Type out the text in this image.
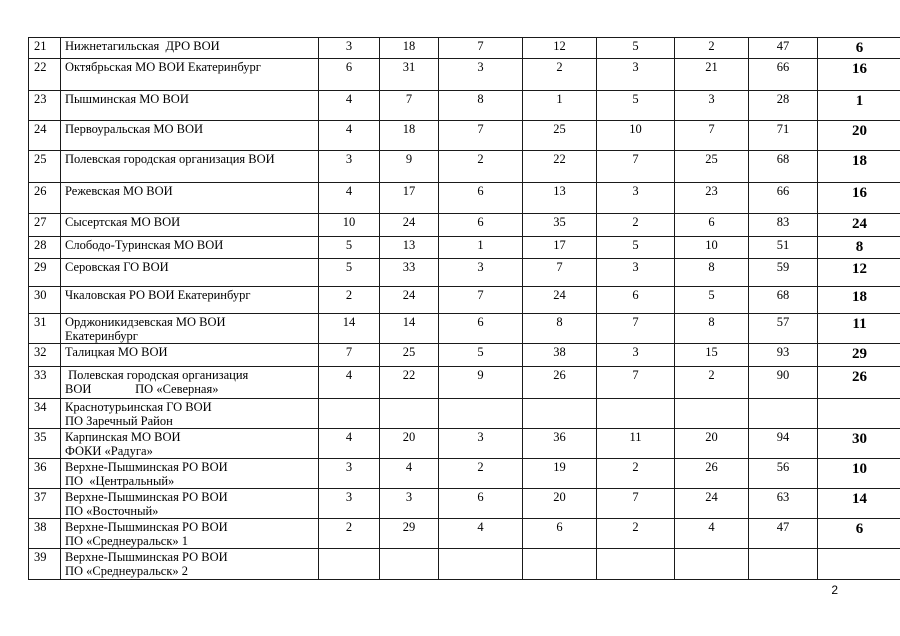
21	Нижнетагильская  ДРО ВОИ	3	18	7	12	5	2	47	6
22	Октябрьская МО ВОИ Екатеринбург	6	31	3	2	3	21	66	16
23	Пышминская МО ВОИ	4	7	8	1	5	3	28	1
24	Первоуральская МО ВОИ	4	18	7	25	10	7	71	20
25	Полевская городская организация ВОИ	3	9	2	22	7	25	68	18
26	Режевская МО ВОИ	4	17	6	13	3	23	66	16
27	Сысертская МО ВОИ	10	24	6	35	2	6	83	24
28	Слободо-Туринская МО ВОИ	5	13	1	17	5	10	51	8
29	Серовская ГО ВОИ	5	33	3	7	3	8	59	12
30	Чкаловская РО ВОИ Екатеринбург	2	24	7	24	6	5	68	18
31	Орджоникидзевская МО ВОИ
Екатеринбург	14	14	6	8	7	8	57	11
32	Талицкая МО ВОИ	7	25	5	38	3	15	93	29
33	Полевская городская организация
ВОИ              ПО «Северная»	4	22	9	26	7	2	90	26
34	Краснотурьинская ГО ВОИ
ПО Заречный Район								
35	Карпинская МО ВОИ
ФОКИ «Радуга»	4	20	3	36	11	20	94	30
36	Верхне-Пышминская РО ВОИ
ПО  «Центральный»	3	4	2	19	2	26	56	10
37	Верхне-Пышминская РО ВОИ
ПО «Восточный»	3	3	6	20	7	24	63	14
38	Верхне-Пышминская РО ВОИ
ПО «Среднеуральск» 1	2	29	4	6	2	4	47	6
39	Верхне-Пышминская РО ВОИ
ПО «Среднеуральск» 2								
2
